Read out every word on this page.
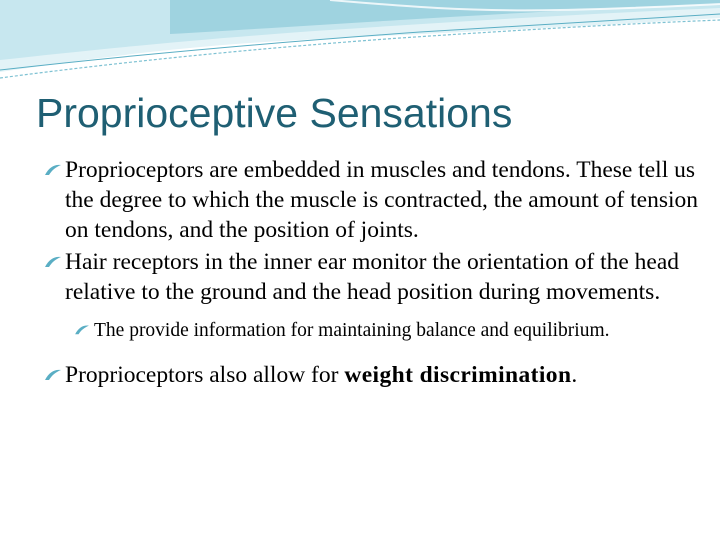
Proprioceptive Sensations

Proprioceptors are embedded in muscles and tendons. These tell us the degree to which the muscle is contracted, the amount of tension on tendons, and the position of joints.

Hair receptors in the inner ear monitor the orientation of the head relative to the ground and the head position during movements.

The provide information for maintaining balance and equilibrium.

Proprioceptors also allow for weight discrimination.
